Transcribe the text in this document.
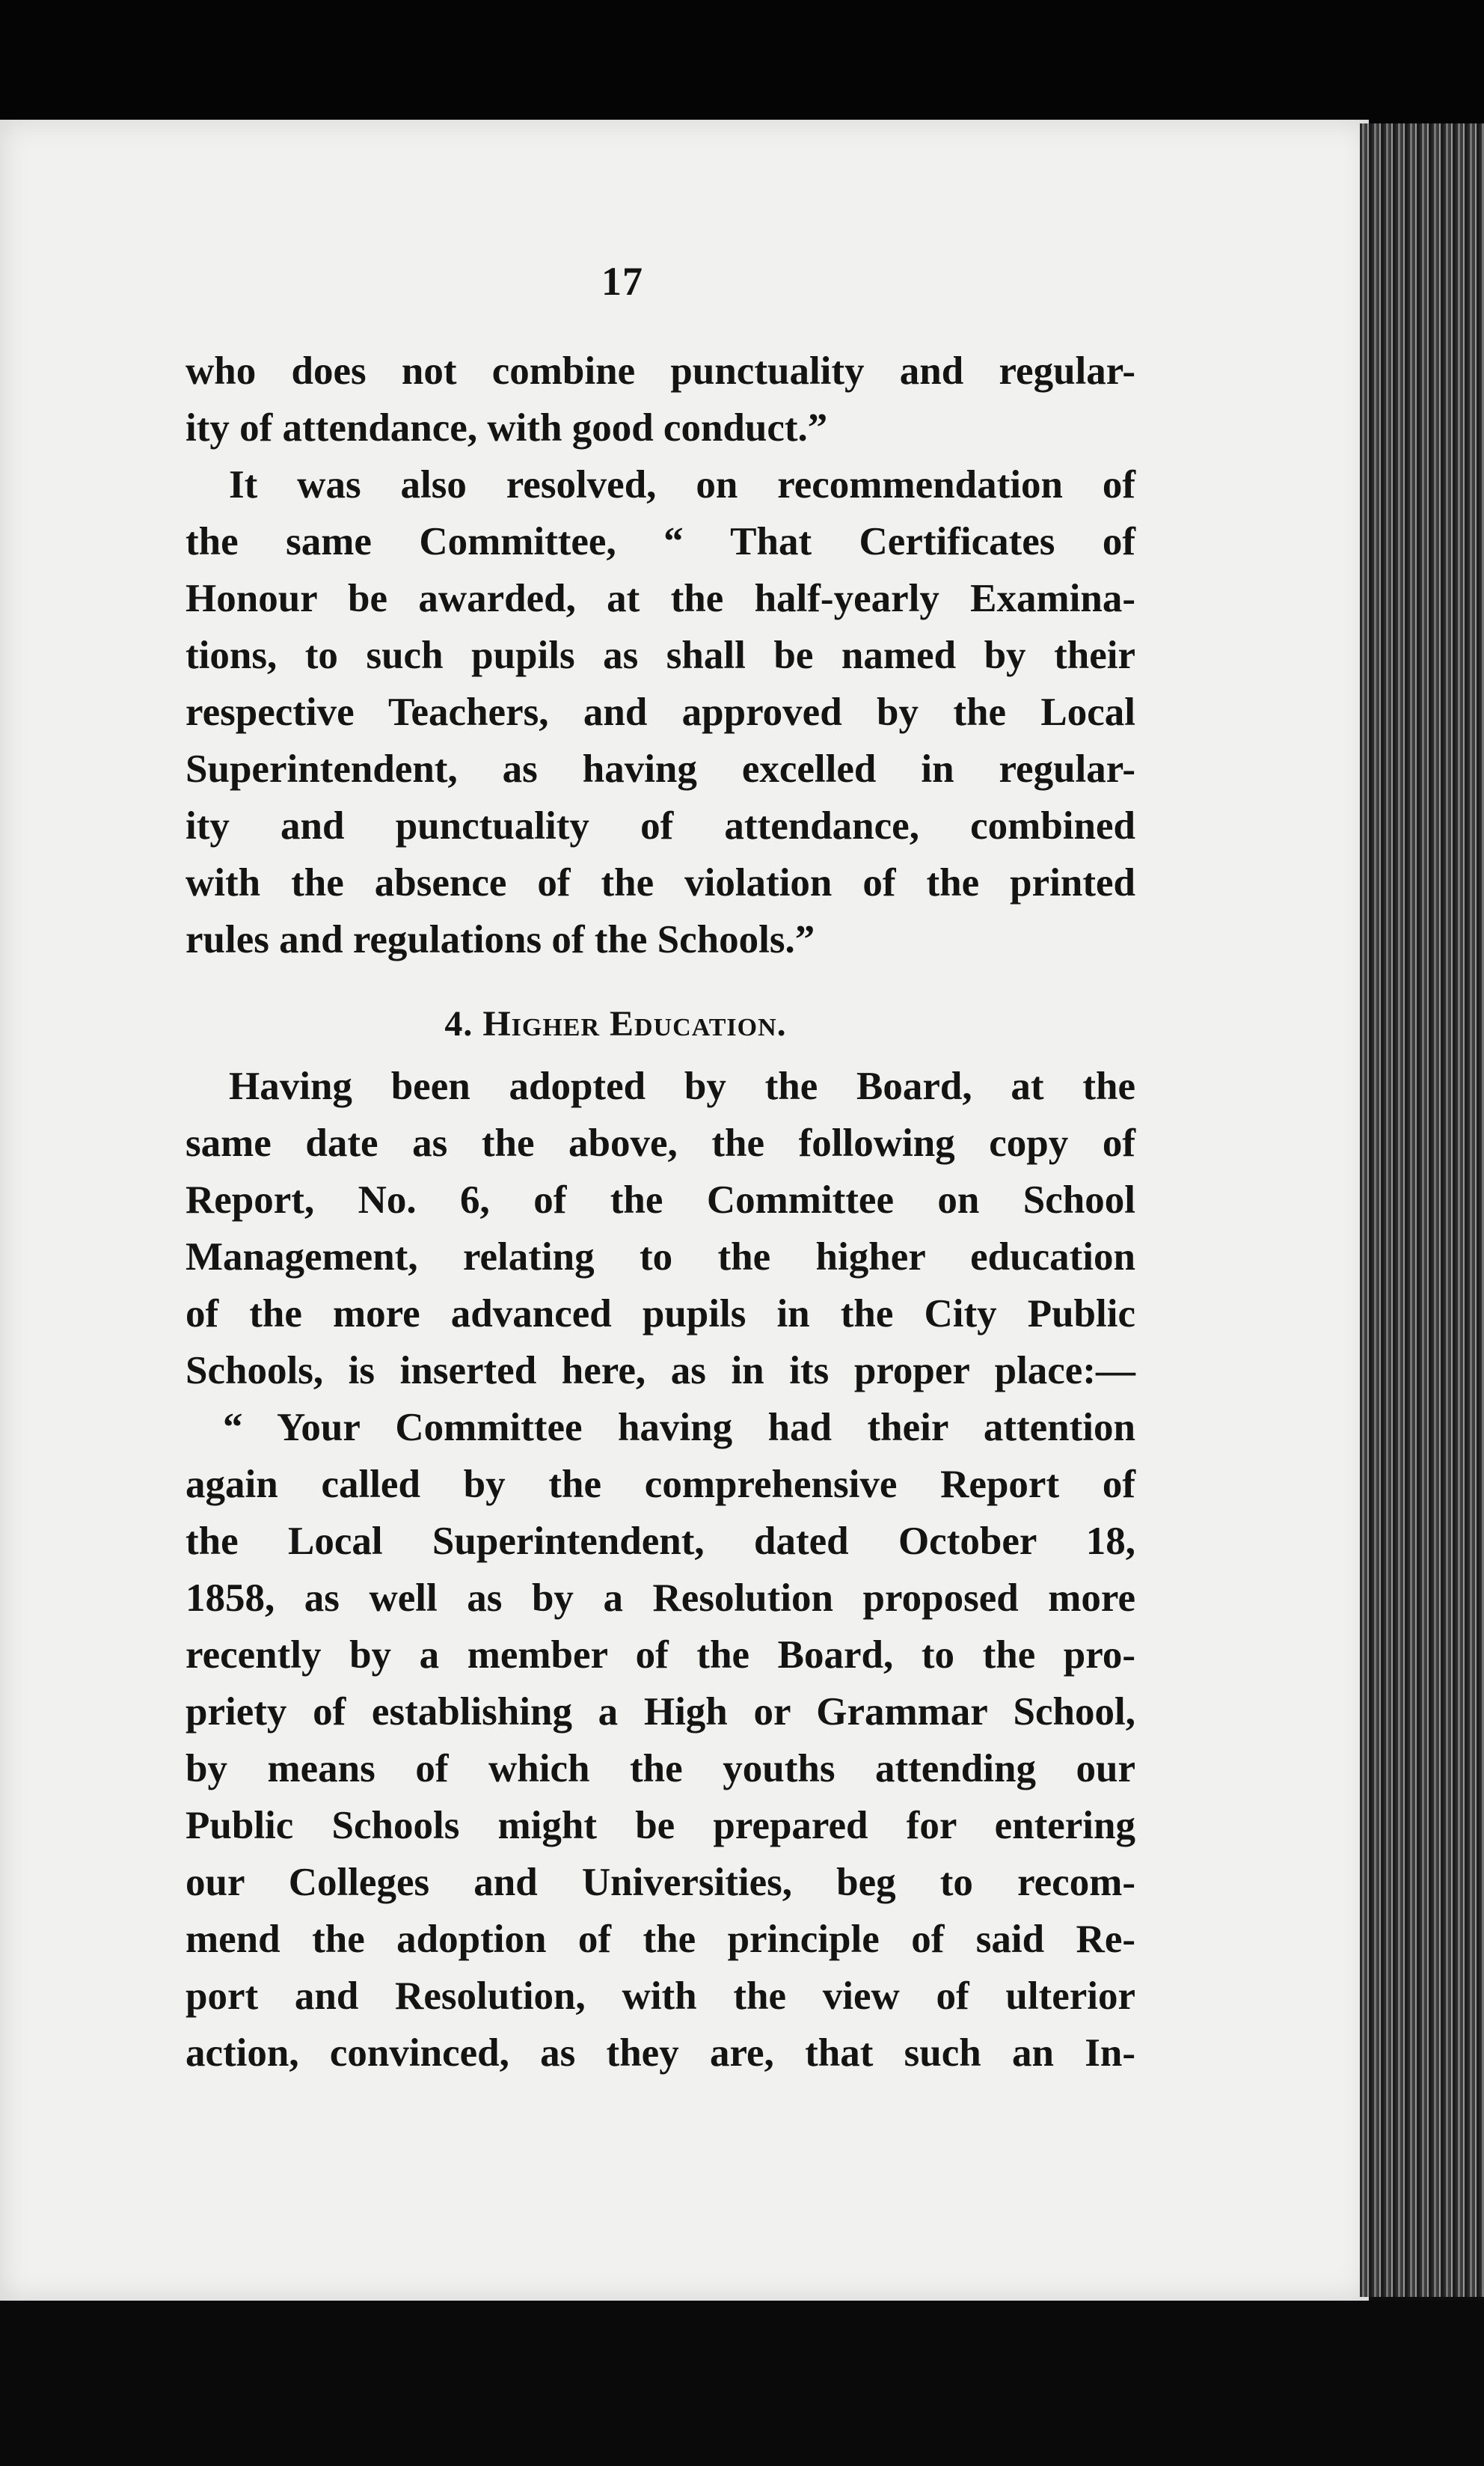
17
who does not combine punctuality and regular-
ity of attendance, with good conduct.”
It was also resolved, on recommendation of
the same Committee, “ That Certificates of
Honour be awarded, at the half-yearly Examina-
tions, to such pupils as shall be named by their
respective Teachers, and approved by the Local
Superintendent, as having excelled in regular-
ity and punctuality of attendance, combined
with the absence of the violation of the printed
rules and regulations of the Schools.”
4. Higher Education.
Having been adopted by the Board, at the
same date as the above, the following copy of
Report, No. 6, of the Committee on School
Management, relating to the higher education
of the more advanced pupils in the City Public
Schools, is inserted here, as in its proper place:—
“ Your Committee having had their attention
again called by the comprehensive Report of
the Local Superintendent, dated October 18,
1858, as well as by a Resolution proposed more
recently by a member of the Board, to the pro-
priety of establishing a High or Grammar School,
by means of which the youths attending our
Public Schools might be prepared for entering
our Colleges and Universities, beg to recom-
mend the adoption of the principle of said Re-
port and Resolution, with the view of ulterior
action, convinced, as they are, that such an In-
